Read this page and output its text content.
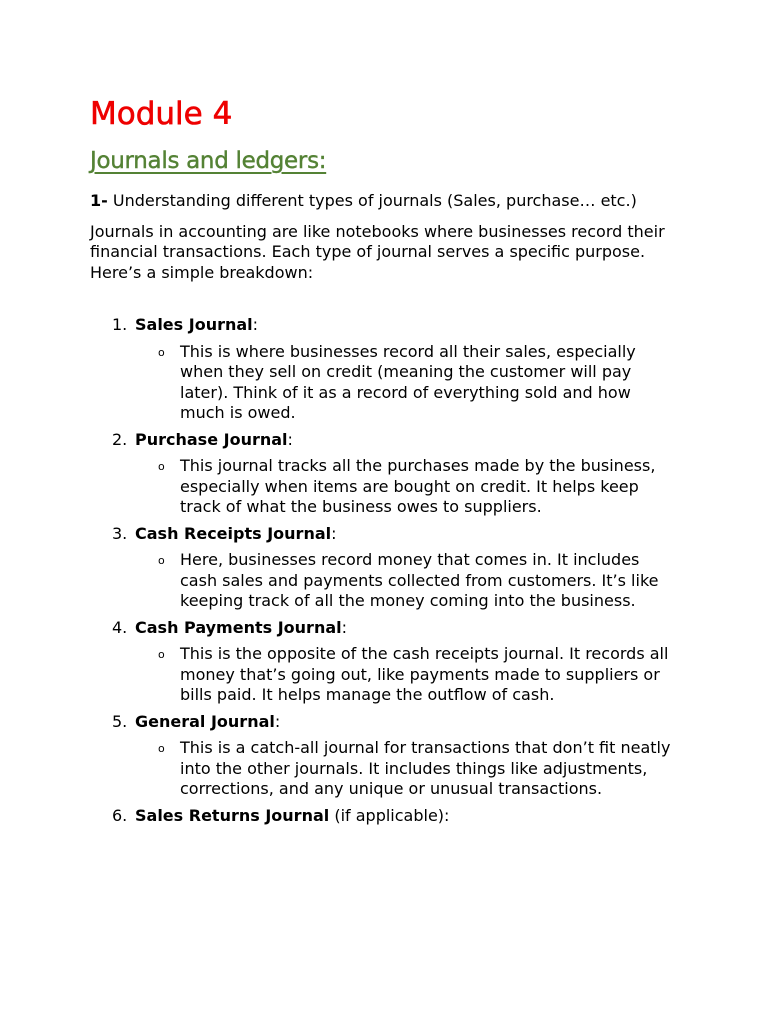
Module 4
Journals and ledgers:

1- Understanding different types of journals (Sales, purchase… etc.)

Journals in accounting are like notebooks where businesses record their financial transactions. Each type of journal serves a specific purpose. Here’s a simple breakdown:

1. Sales Journal:
o This is where businesses record all their sales, especially when they sell on credit (meaning the customer will pay later). Think of it as a record of everything sold and how much is owed.
2. Purchase Journal:
o This journal tracks all the purchases made by the business, especially when items are bought on credit. It helps keep track of what the business owes to suppliers.
3. Cash Receipts Journal:
o Here, businesses record money that comes in. It includes cash sales and payments collected from customers. It’s like keeping track of all the money coming into the business.
4. Cash Payments Journal:
o This is the opposite of the cash receipts journal. It records all money that’s going out, like payments made to suppliers or bills paid. It helps manage the outflow of cash.
5. General Journal:
o This is a catch-all journal for transactions that don’t fit neatly into the other journals. It includes things like adjustments, corrections, and any unique or unusual transactions.
6. Sales Returns Journal (if applicable):
